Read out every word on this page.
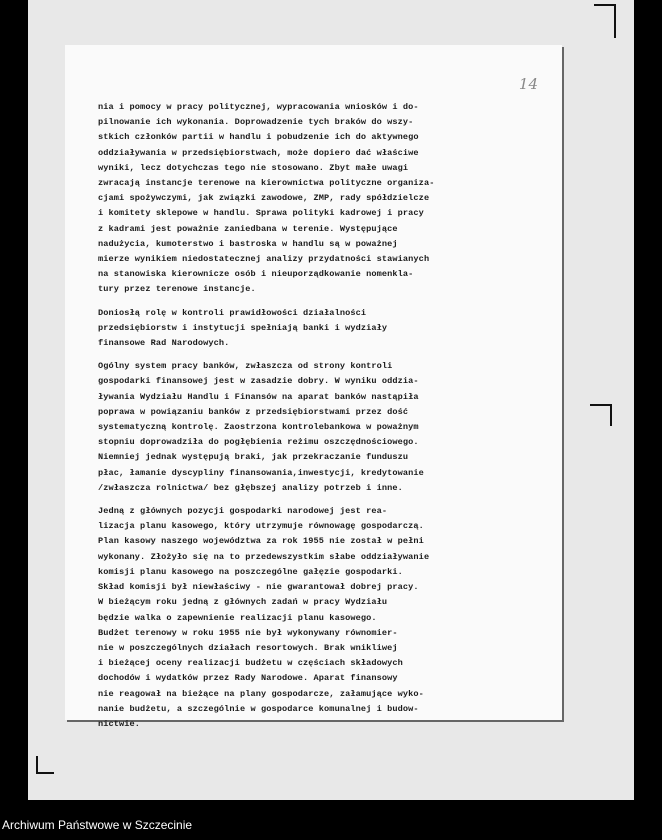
14

nia i pomocy w pracy politycznej, wypracowania wniosków i do-
pilnowanie ich wykonania. Doprowadzenie tych braków do wszy-
stkich członków partii w handlu i pobudzenie ich do aktywnego
oddziaływania w przedsiębiorstwach, może dopiero dać właściwe
wyniki, lecz dotychczas tego nie stosowano. Zbyt małe uwagi
zwracają instancje terenowe na kierownictwa polityczne organiza-
cjami spożywczymi, jak związki zawodowe, ZMP, rady spółdzielcze
i komitety sklepowe w handlu. Sprawa polityki kadrowej i pracy
z kadrami jest poważnie zaniedbana w terenie. Występujące
nadużycia, kumoterstwo i bastroska w handlu są w poważnej
mierze wynikiem niedostatecznej analizy przydatności stawianych
na stanowiska kierownicze osób i nieuporządkowanie nomenkla-
tury przez terenowe instancje.

Doniosłą rolę w kontroli prawidłowości działalności
przedsiębiorstw i instytucji spełniają banki i wydziały
finansowe Rad Narodowych.

Ogólny system pracy banków, zwłaszcza od strony kontroli
gospodarki finansowej jest w zasadzie dobry. W wyniku oddzia-
ływania Wydziału Handlu i Finansów na aparat banków nastąpiła
poprawa w powiązaniu banków z przedsiębiorstwami przez dość
systematyczną kontrolę. Zaostrzona kontrolebankowa w poważnym
stopniu doprowadziła do pogłębienia reżimu oszczędnościowego.
Niemniej jednak występują braki, jak przekraczanie funduszu
płac, łamanie dyscypliny finansowania,inwestycji, kredytowanie
/zwłaszcza rolnictwa/ bez głębszej analizy potrzeb i inne.

Jedną z głównych pozycji gospodarki narodowej jest rea-
lizacja planu kasowego, który utrzymuje równowagę gospodarczą.
Plan kasowy naszego województwa za rok 1955 nie został w pełni
wykonany. Złożyło się na to przedewszystkim słabe oddziaływanie
komisji planu kasowego na poszczególne gałęzie gospodarki.
Skład komisji był niewłaściwy - nie gwarantował dobrej pracy.
W bieżącym roku jedną z głównych zadań w pracy Wydziału
będzie walka o zapewnienie realizacji planu kasowego.
Budżet terenowy w roku 1955 nie był wykonywany równomier-
nie w poszczególnych działach resortowych. Brak wnikliwej
i bieżącej oceny realizacji budżetu w częściach składowych
dochodów i wydatków przez Rady Narodowe. Aparat finansowy
nie reagował na bieżące na plany gospodarcze, załamujące wyko-
nanie budżetu, a szczególnie w gospodarce komunalnej i budow-
nictwie.

Archiwum Państwowe w Szczecinie
